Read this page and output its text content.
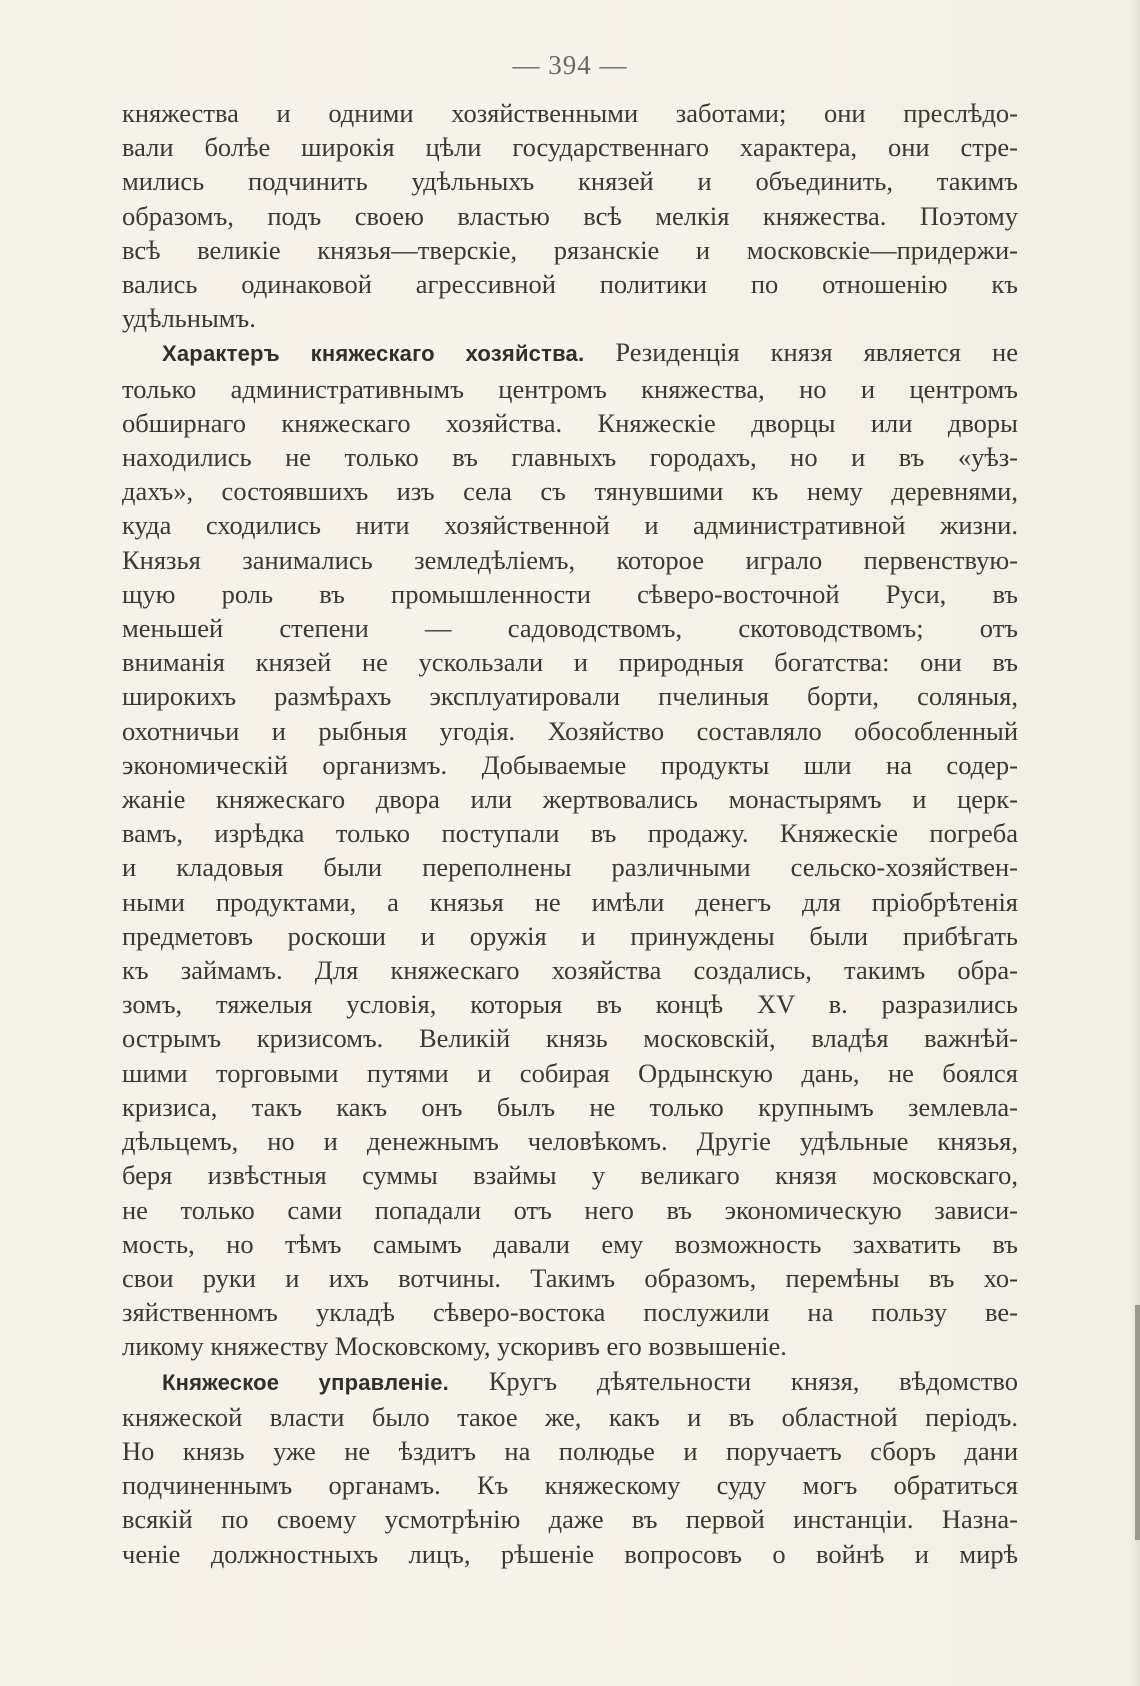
— 394 —

княжества и одними хозяйственными заботами; они преслѣдо-
вали болѣе широкія цѣли государственнаго характера, они стре-
мились подчинить удѣльныхъ князей и объединить, такимъ
образомъ, подъ своею властью всѣ мелкія княжества. Поэтому
всѣ великіе князья—тверскіе, рязанскіе и московскіе—придержи-
вались одинаковой агрессивной политики по отношенію къ
удѣльнымъ.

Характеръ княжескаго хозяйства. Резиденція князя является не
только административнымъ центромъ княжества, но и центромъ
обширнаго княжескаго хозяйства. Княжескіе дворцы или дворы
находились не только въ главныхъ городахъ, но и въ «уѣз-
дахъ», состоявшихъ изъ села съ тянувшими къ нему деревнями,
куда сходились нити хозяйственной и административной жизни.
Князья занимались земледѣліемъ, которое играло первенствую-
щую роль въ промышленности сѣверо-восточной Руси, въ
меньшей степени — садоводствомъ, скотоводствомъ; отъ
вниманія князей не ускользали и природныя богатства: они въ
широкихъ размѣрахъ эксплуатировали пчелиныя борти, соляныя,
охотничьи и рыбныя угодія. Хозяйство составляло обособленный
экономическій организмъ. Добываемые продукты шли на содер-
жаніе княжескаго двора или жертвовались монастырямъ и церк-
вамъ, изрѣдка только поступали въ продажу. Княжескіе погреба
и кладовыя были переполнены различными сельско-хозяйствен-
ными продуктами, а князья не имѣли денегъ для пріобрѣтенія
предметовъ роскоши и оружія и принуждены были прибѣгать
къ займамъ. Для княжескаго хозяйства создались, такимъ обра-
зомъ, тяжелыя условія, которыя въ концѣ XV в. разразились
острымъ кризисомъ. Великій князь московскій, владѣя важнѣй-
шими торговыми путями и собирая Ордынскую дань, не боялся
кризиса, такъ какъ онъ былъ не только крупнымъ землевла-
дѣльцемъ, но и денежнымъ человѣкомъ. Другіе удѣльные князья,
беря извѣстныя суммы взаймы у великаго князя московскаго,
не только сами попадали отъ него въ экономическую зависи-
мость, но тѣмъ самымъ давали ему возможность захватить въ
свои руки и ихъ вотчины. Такимъ образомъ, перемѣны въ хо-
зяйственномъ укладѣ сѣверо-востока послужили на пользу ве-
ликому княжеству Московскому, ускоривъ его возвышеніе.

Княжеское управленіе. Кругъ дѣятельности князя, вѣдомство
княжеской власти было такое же, какъ и въ областной періодъ.
Но князь уже не ѣздитъ на полюдье и поручаетъ сборъ дани
подчиненнымъ органамъ. Къ княжескому суду могъ обратиться
всякій по своему усмотрѣнію даже въ первой инстанціи. Назна-
ченіе должностныхъ лицъ, рѣшеніе вопросовъ о войнѣ и мирѣ
